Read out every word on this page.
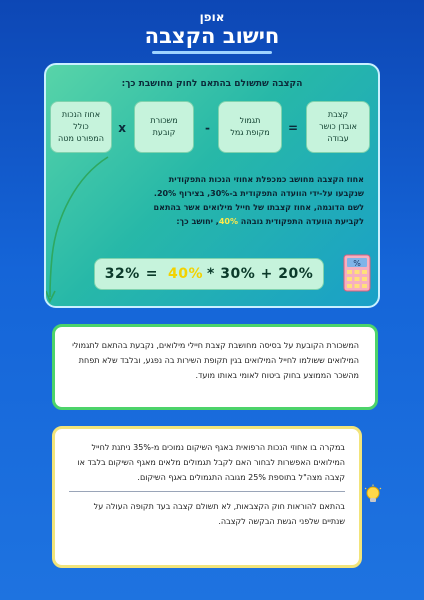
אופן
חישוב הקצבה
הקצבה שתשולם בהתאם לחוק מחושבת כך:
קצבת
אובדן כושר
עבודה
=
תגמול
מקופת גמל
-
משכורת
קובעת
x
אחוז הנכות
כולל
המפורט מטה
אחוז הקצבה מחושב כמכפלת אחוזי הנכות התפקודית
שנקבעו על-ידי הוועדה התפקודית ב-30%, בצירוף 20%.
לשם הדוגמה, אחוז קצבתו של חייל מילואים אשר בהתאם
לקביעת הוועדה התפקודית גובהה 40%, יחושב כך:
32% = 40% * 30% + 20%
%
המשכורת הקובעת על בסיסה מחושבת קצבת חיילי מילואים, נקבעת בהתאם לתגמולי המילואים ששולמו לחייל המילואים בגין תקופת השירות בה נפגע, ובלבד שלא תפחת מהשכר הממוצע בחוק ביטוח לאומי באותו מועד.
במקרה בו אחוזי הנכות הרפואית באגף השיקום נמוכים מ-35% ניתנת לחייל המילואים האפשרות לבחור האם לקבל תגמולים מלאים מאגף השיקום בלבד או קצבה מצה"ל בתוספת 25% מגובה התגמולים באגף השיקום.
בהתאם להוראות חוק הקצבאות, לא תשולם קצבה בעד תקופה העולה על שנתיים שלפני הגשת הבקשה לקצבה.
